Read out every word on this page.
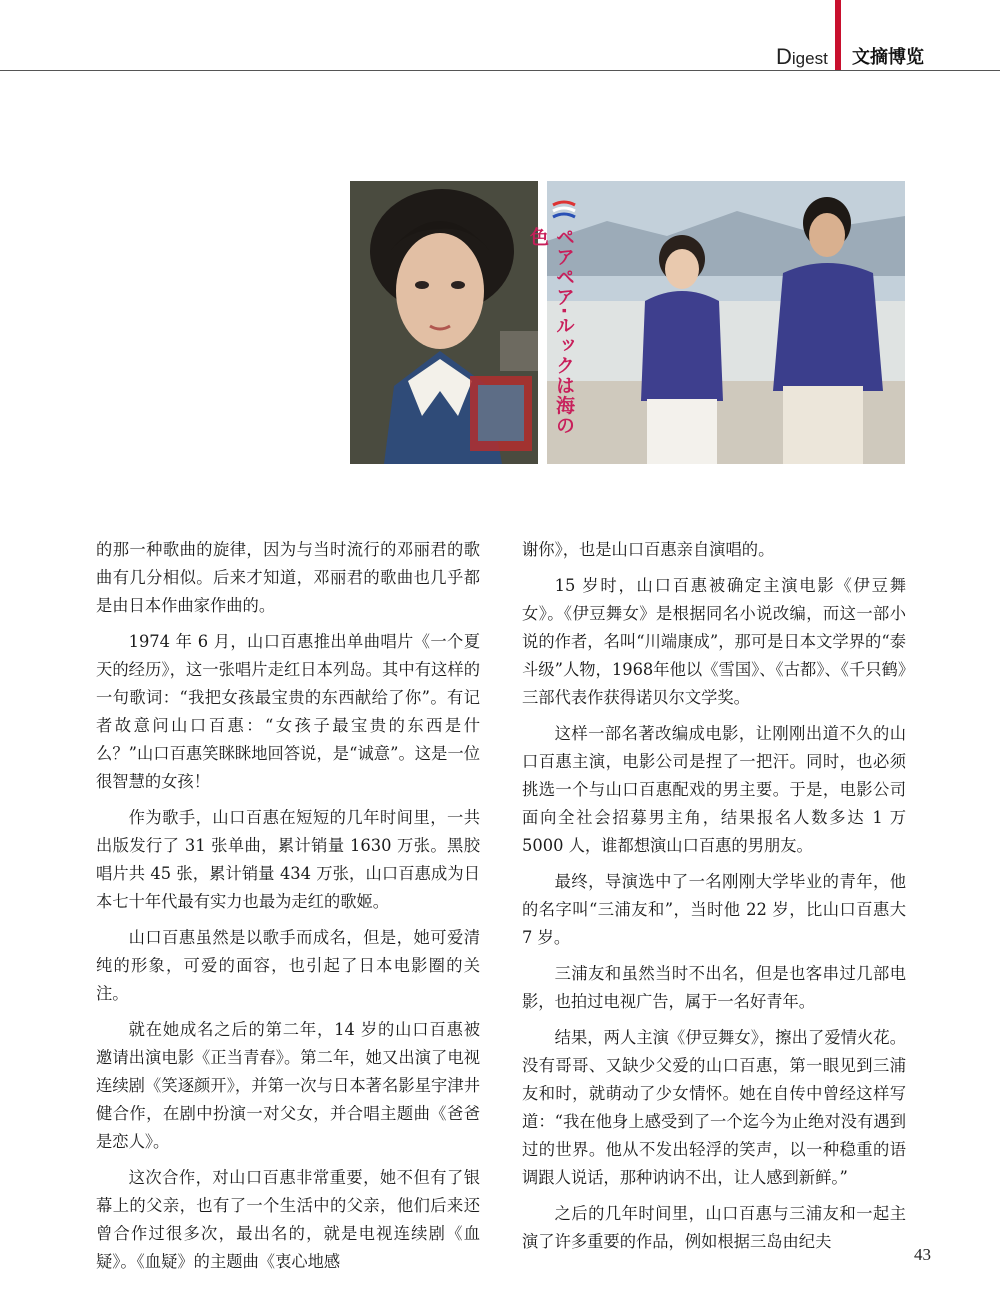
Digest 文摘博览
ペアペア·ルックは海の色

的那一种歌曲的旋律，因为与当时流行的邓丽君的歌曲有几分相似。后来才知道，邓丽君的歌曲也几乎都是由日本作曲家作曲的。

1974 年 6 月，山口百惠推出单曲唱片《一个夏天的经历》，这一张唱片走红日本列岛。其中有这样的一句歌词：“我把女孩最宝贵的东西献给了你”。有记者故意问山口百惠：“女孩子最宝贵的东西是什么？”山口百惠笑眯眯地回答说，是“诚意”。这是一位很智慧的女孩！

作为歌手，山口百惠在短短的几年时间里，一共出版发行了 31 张单曲，累计销量 1630 万张。黑胶唱片共 45 张，累计销量 434 万张，山口百惠成为日本七十年代最有实力也最为走红的歌姬。

山口百惠虽然是以歌手而成名，但是，她可爱清纯的形象，可爱的面容，也引起了日本电影圈的关注。

就在她成名之后的第二年，14 岁的山口百惠被邀请出演电影《正当青春》。第二年，她又出演了电视连续剧《笑逐颜开》，并第一次与日本著名影星宇津井健合作，在剧中扮演一对父女，并合唱主题曲《爸爸是恋人》。

这次合作，对山口百惠非常重要，她不但有了银幕上的父亲，也有了一个生活中的父亲，他们后来还曾合作过很多次，最出名的，就是电视连续剧《血疑》。《血疑》的主题曲《衷心地感

谢你》，也是山口百惠亲自演唱的。

15 岁时，山口百惠被确定主演电影《伊豆舞女》。《伊豆舞女》是根据同名小说改编，而这一部小说的作者，名叫“川端康成”，那可是日本文学界的“泰斗级”人物，1968年他以《雪国》、《古都》、《千只鹤》三部代表作获得诺贝尔文学奖。

这样一部名著改编成电影，让刚刚出道不久的山口百惠主演，电影公司是捏了一把汗。同时，也必须挑选一个与山口百惠配戏的男主要。于是，电影公司面向全社会招募男主角，结果报名人数多达 1 万 5000 人，谁都想演山口百惠的男朋友。

最终，导演选中了一名刚刚大学毕业的青年，他的名字叫“三浦友和”，当时他 22 岁，比山口百惠大 7 岁。

三浦友和虽然当时不出名，但是也客串过几部电影，也拍过电视广告，属于一名好青年。

结果，两人主演《伊豆舞女》，擦出了爱情火花。没有哥哥、又缺少父爱的山口百惠，第一眼见到三浦友和时，就萌动了少女情怀。她在自传中曾经这样写道：“我在他身上感受到了一个迄今为止绝对没有遇到过的世界。他从不发出轻浮的笑声，以一种稳重的语调跟人说话，那种讷讷不出，让人感到新鲜。”

之后的几年时间里，山口百惠与三浦友和一起主演了许多重要的作品，例如根据三岛由纪夫

43
